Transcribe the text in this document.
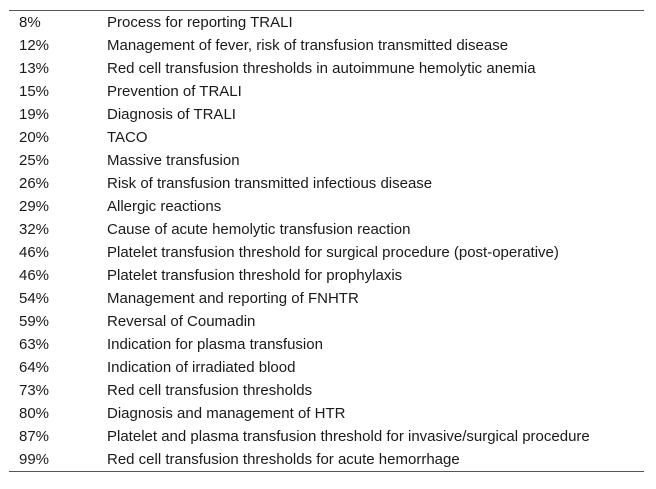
8%	Process for reporting TRALI
12%	Management of fever, risk of transfusion transmitted disease
13%	Red cell transfusion thresholds in autoimmune hemolytic anemia
15%	Prevention of TRALI
19%	Diagnosis of TRALI
20%	TACO
25%	Massive transfusion
26%	Risk of transfusion transmitted infectious disease
29%	Allergic reactions
32%	Cause of acute hemolytic transfusion reaction
46%	Platelet transfusion threshold for surgical procedure (post-operative)
46%	Platelet transfusion threshold for prophylaxis
54%	Management and reporting of FNHTR
59%	Reversal of Coumadin
63%	Indication for plasma transfusion
64%	Indication of irradiated blood
73%	Red cell transfusion thresholds
80%	Diagnosis and management of HTR
87%	Platelet and plasma transfusion threshold for invasive/surgical procedure
99%	Red cell transfusion thresholds for acute hemorrhage
